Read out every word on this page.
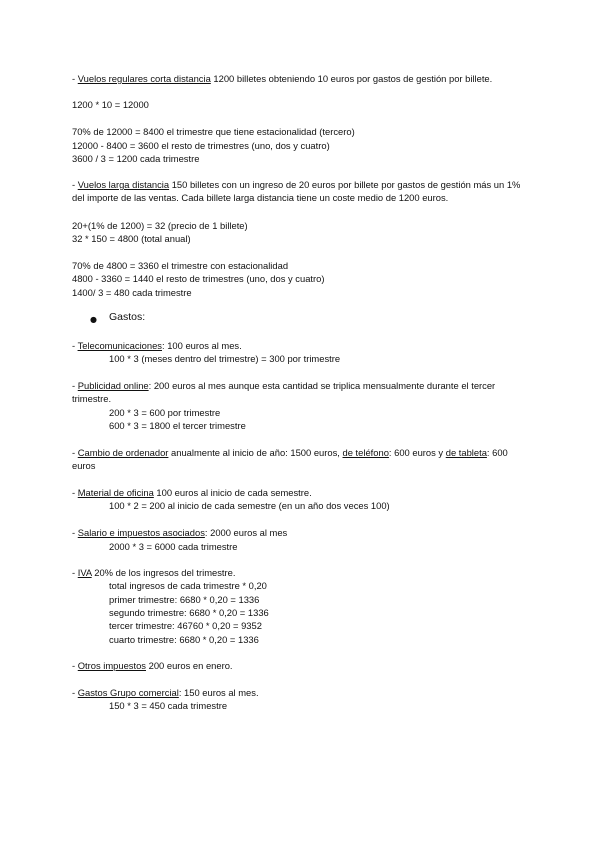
- Vuelos regulares corta distancia 1200 billetes obteniendo 10 euros por gastos de gestión por billete.
1200 * 10 = 12000
70% de 12000 = 8400 el trimestre que tiene estacionalidad (tercero)
12000 - 8400 = 3600 el resto de trimestres (uno, dos y cuatro)
3600 / 3 = 1200 cada trimestre
- Vuelos larga distancia 150 billetes con un ingreso de 20 euros por billete por gastos de gestión más un 1% del importe de las ventas. Cada billete larga distancia tiene un coste medio de 1200 euros.
20+(1% de 1200) = 32 (precio de 1 billete)
32 * 150 = 4800 (total anual)
70% de 4800 = 3360 el trimestre con estacionalidad
4800 - 3360 = 1440 el resto de trimestres (uno, dos y cuatro)
1400/ 3 = 480 cada trimestre
● Gastos:
- Telecomunicaciones: 100 euros al mes.
100 * 3 (meses dentro del trimestre) = 300 por trimestre
- Publicidad online: 200 euros al mes aunque esta cantidad se triplica mensualmente durante el tercer trimestre.
200 * 3 = 600 por trimestre
600 * 3 = 1800 el tercer trimestre
- Cambio de ordenador anualmente al inicio de año: 1500 euros, de teléfono: 600 euros y de tableta: 600 euros
- Material de oficina 100 euros al inicio de cada semestre.
100 * 2 = 200 al inicio de cada semestre (en un año dos veces 100)
- Salario e impuestos asociados: 2000 euros al mes
2000 * 3 = 6000 cada trimestre
- IVA 20% de los ingresos del trimestre.
total ingresos de cada trimestre * 0,20
primer trimestre: 6680 * 0,20 = 1336
segundo trimestre: 6680 * 0,20 = 1336
tercer trimestre: 46760 * 0,20 = 9352
cuarto trimestre: 6680 * 0,20 = 1336
- Otros impuestos 200 euros en enero.
- Gastos Grupo comercial: 150 euros al mes.
150 * 3 = 450 cada trimestre
